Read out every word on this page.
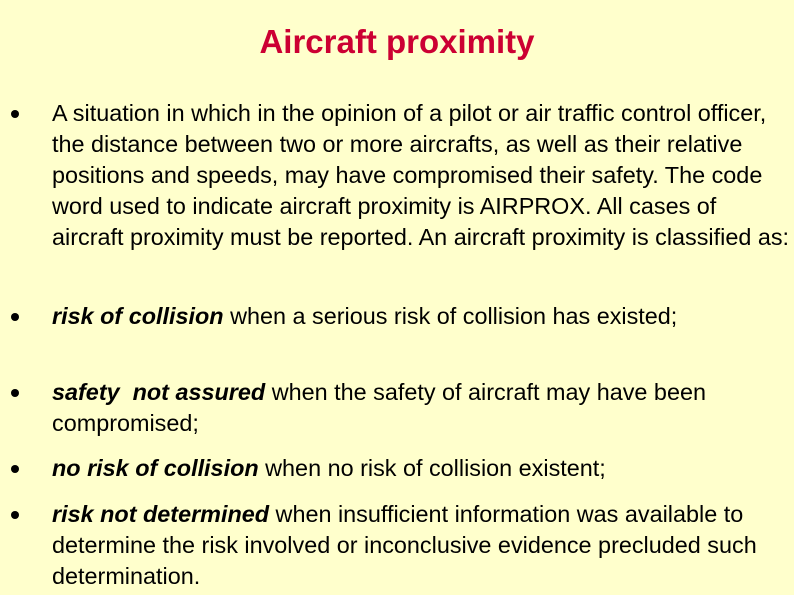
Aircraft proximity
A situation in which in the opinion of a pilot or air traffic control officer, the distance between two or more aircrafts, as well as their relative positions and speeds, may have compromised their safety. The code word used to indicate aircraft proximity is AIRPROX. All cases of aircraft proximity must be reported. An aircraft proximity is classified as:
risk of collision when a serious risk of collision has existed;
safety  not assured when the safety of aircraft may have been compromised;
no risk of collision when no risk of collision existent;
risk not determined when insufficient information was available to determine the risk involved or inconclusive evidence precluded such determination.
